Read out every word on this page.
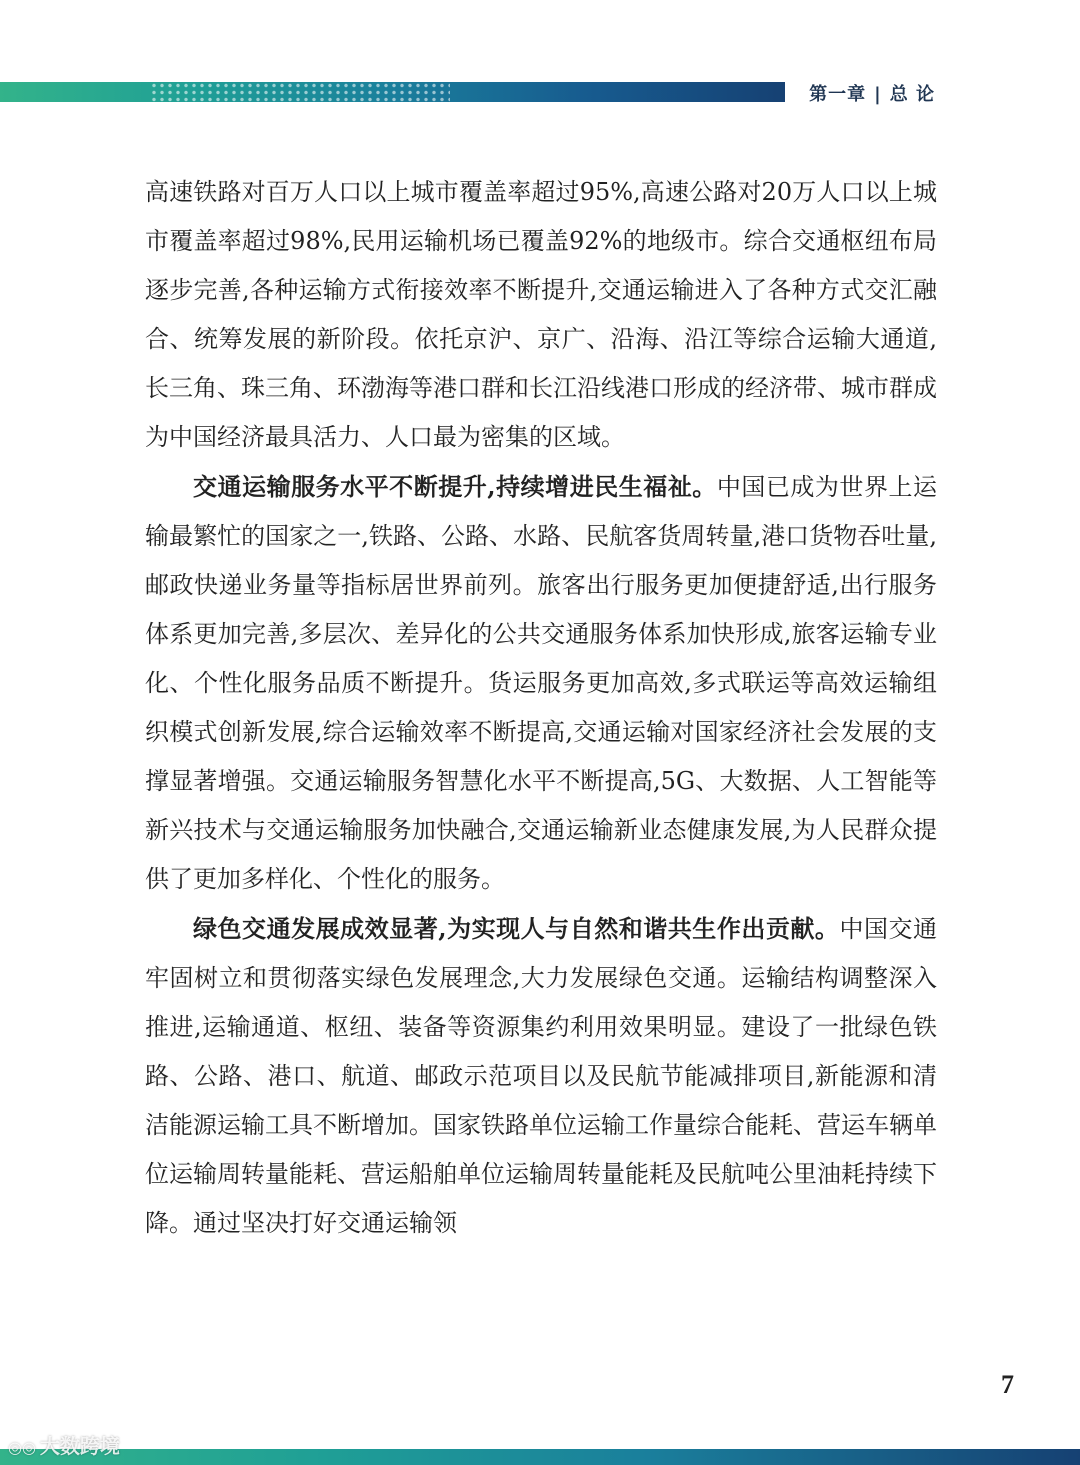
第一章 | 总 论

高速铁路对百万人口以上城市覆盖率超过95%,高速公路对20万人口以上城市覆盖率超过98%,民用运输机场已覆盖92%的地级市。综合交通枢纽布局逐步完善,各种运输方式衔接效率不断提升,交通运输进入了各种方式交汇融合、统筹发展的新阶段。依托京沪、京广、沿海、沿江等综合运输大通道,长三角、珠三角、环渤海等港口群和长江沿线港口形成的经济带、城市群成为中国经济最具活力、人口最为密集的区域。

交通运输服务水平不断提升,持续增进民生福祉。中国已成为世界上运输最繁忙的国家之一,铁路、公路、水路、民航客货周转量,港口货物吞吐量,邮政快递业务量等指标居世界前列。旅客出行服务更加便捷舒适,出行服务体系更加完善,多层次、差异化的公共交通服务体系加快形成,旅客运输专业化、个性化服务品质不断提升。货运服务更加高效,多式联运等高效运输组织模式创新发展,综合运输效率不断提高,交通运输对国家经济社会发展的支撑显著增强。交通运输服务智慧化水平不断提高,5G、大数据、人工智能等新兴技术与交通运输服务加快融合,交通运输新业态健康发展,为人民群众提供了更加多样化、个性化的服务。

绿色交通发展成效显著,为实现人与自然和谐共生作出贡献。中国交通牢固树立和贯彻落实绿色发展理念,大力发展绿色交通。运输结构调整深入推进,运输通道、枢纽、装备等资源集约利用效果明显。建设了一批绿色铁路、公路、港口、航道、邮政示范项目以及民航节能减排项目,新能源和清洁能源运输工具不断增加。国家铁路单位运输工作量综合能耗、营运车辆单位运输周转量能耗、营运船舶单位运输周转量能耗及民航吨公里油耗持续下降。通过坚决打好交通运输领

7
◎◎ 大数跨境
